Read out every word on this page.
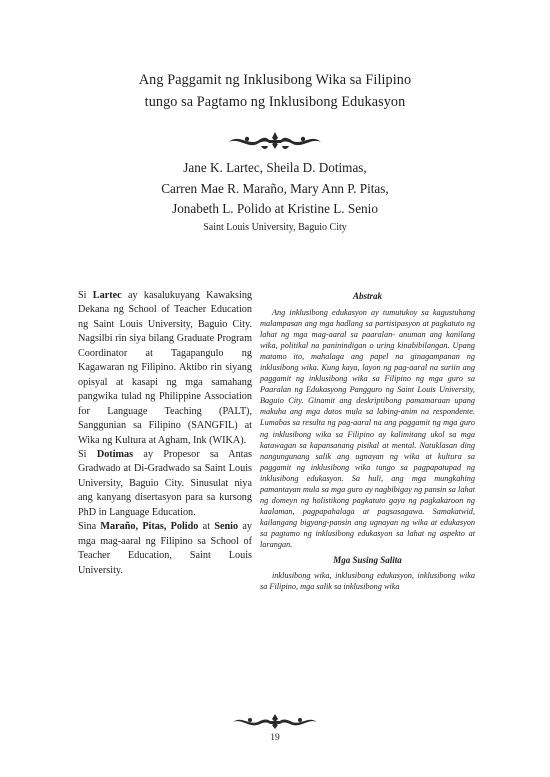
Ang Paggamit ng Inklusibong Wika sa Filipino
tungo sa Pagtamo ng Inklusibong Edukasyon
Jane K. Lartec, Sheila D. Dotimas,
Carren Mae R. Maraño, Mary Ann P. Pitas,
Jonabeth L. Polido at Kristine L. Senio
Saint Louis University, Baguio City

Si Lartec ay kasalukuyang Kawaksing Dekana ng School of Teacher Education ng Saint Louis University, Baguio City. Nagsilbi rin siya bilang Graduate Program Coordinator at Tagapangulo ng Kagawaran ng Filipino. Aktibo rin siyang opisyal at kasapi ng mga samahang pangwika tulad ng Philippine Association for Language Teaching (PALT), Sanggunian sa Filipino (SANGFIL) at Wika ng Kultura at Agham, Ink (WIKA).

Si Dotimas ay Propesor sa Antas Gradwado at Di-Gradwado sa Saint Louis University, Baguio City. Sinusulat niya ang kanyang disertasyon para sa kursong PhD in Language Education.

Sina Maraño, Pitas, Polido at Senio ay mga mag-aaral ng Filipino sa School of Teacher Education, Saint Louis University.

Abstrak

Ang inklusibong edukasyon ay tumutukoy sa kagustuhang malampasan ang mga hadlang sa partisipasyon at pagkatuto ng lahat ng mga mag-aaral sa paaralan- anuman ang kanilang wika, politikal na paninindigan o uring kinabibilangan. Upang matamo ito, mahalaga ang papel na ginagampanan ng inklusibong wika. Kung kaya, layon ng pag-aaral na suriin ang paggamit ng inklusibong wika sa Filipino ng mga guro sa Paaralan ng Edukasyong Pangguro ng Saint Louis University, Baguio City. Ginamit ang deskriptibong pamamaraan upang makuha ang mga datos mula sa labing-anim na respondente. Lumabas sa resulta ng pag-aaral na ang paggamit ng mga guro ng inklusibong wika sa Filipino ay kalimitang ukol sa mga katawagan sa kapansanang pisikal at mental. Natuklasan ding nangungunang salik ang ugnayan ng wika at kultura sa paggamit ng inklusibong wika tungo sa pagpapatupad ng inklusibong edukasyon. Sa huli, ang mga mungkahing pamantayan mula sa mga guro ay nagbibigay ng pansin sa lahat ng domeyn ng holistikong pagkatuto gaya ng pagkakaroon ng kaalaman, pagpapahalaga at pagsasagawa. Samakatwid, kailangang bigyang-pansin ang ugnayan ng wika at edukasyon sa pagtamo ng inklusibong edukasyon sa lahat ng aspekto at larangan.

Mga Susing Salita

inklusibong wika, inklusibong edukasyon, inklusibong wika sa Filipino, mga salik sa inklusibong wika

19
